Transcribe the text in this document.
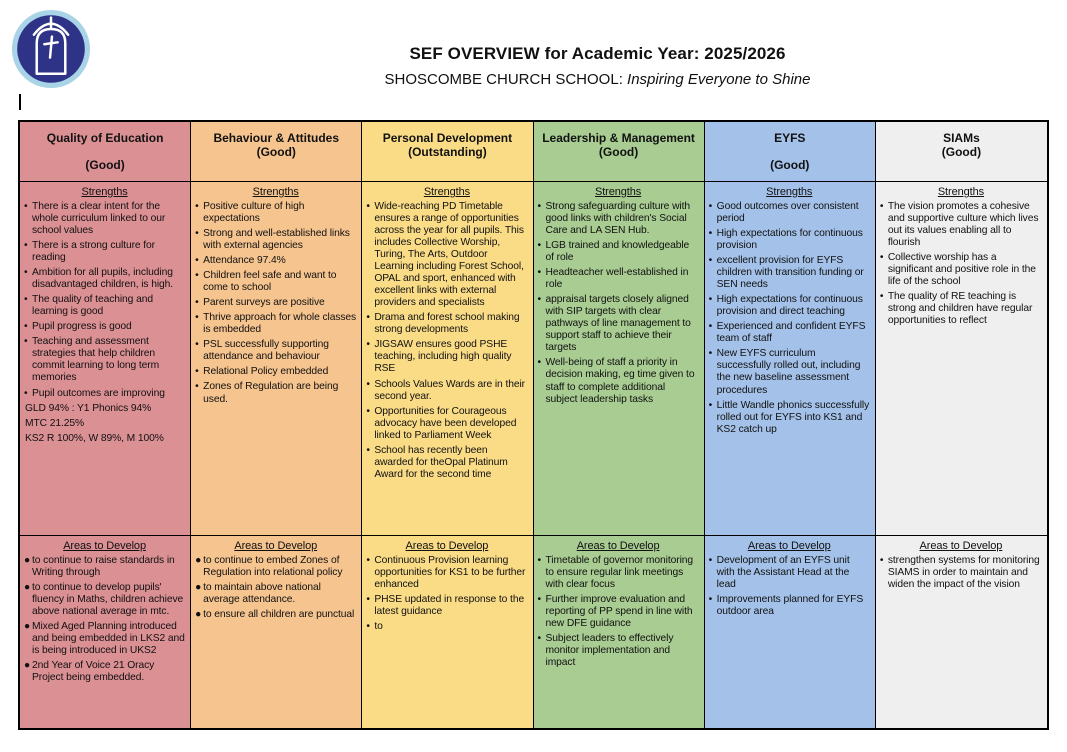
SEF OVERVIEW for Academic Year: 2025/2026
SHOSCOMBE CHURCH SCHOOL: Inspiring Everyone to Shine
Quality of Education
(Good)
Strengths
• There is a clear intent for the whole curriculum linked to our school values
• There is a strong culture for reading
• Ambition for all pupils, including disadvantaged children, is high.
• The quality of teaching and learning is good
• Pupil progress is good
• Teaching and assessment strategies that help children commit learning to long term memories
• Pupil outcomes are improving
GLD 94% : Y1 Phonics 94%
MTC 21.25%
KS2 R 100%, W 89%, M 100%
Areas to Develop
● to continue to raise standards in Writing through
● to continue to develop pupils' fluency in Maths, children achieve above national average in mtc.
● Mixed Aged Planning introduced and being embedded in LKS2 and is being introduced in UKS2
● 2nd Year of Voice 21 Oracy Project being embedded.
Behaviour & Attitudes
(Good)
Strengths
• Positive culture of high expectations
• Strong and well-established links with external agencies
• Attendance 97.4%
• Children feel safe and want to come to school
• Parent surveys are positive
• Thrive approach for whole classes is embedded
• PSL successfully supporting attendance and behaviour
• Relational Policy embedded
• Zones of Regulation are being used.
Areas to Develop
● to continue to embed Zones of Regulation into relational policy
● to maintain above national average attendance.
● to ensure all children are punctual
Personal Development
(Outstanding)
Strengths
• Wide-reaching PD Timetable ensures a range of opportunities across the year for all pupils. This includes Collective Worship, Turing, The Arts, Outdoor Learning including Forest School, OPAL and sport, enhanced with excellent links with external providers and specialists
• Drama and forest school making strong developments
• JIGSAW ensures good PSHE teaching, including high quality RSE
• Schools Values Wards are in their second year.
• Opportunities for Courageous advocacy have been developed linked to Parliament Week
• School has recently been awarded for theOpal Platinum Award for the second time
Areas to Develop
• Continuous Provision learning opportunities for KS1 to be further enhanced
• PHSE updated in response to the latest guidance
• to
Leadership & Management
(Good)
Strengths
• Strong safeguarding culture with good links with children's Social Care and LA SEN Hub.
• LGB trained and knowledgeable of role
• Headteacher well-established in role
• appraisal targets closely aligned with SIP targets with clear pathways of line management to support staff to achieve their targets
• Well-being of staff a priority in decision making, eg time given to staff to complete additional subject leadership tasks
Areas to Develop
• Timetable of governor monitoring to ensure regular link meetings with clear focus
• Further improve evaluation and reporting of PP spend in line with new DFE guidance
• Subject leaders to effectively monitor implementation and impact
EYFS
(Good)
Strengths
• Good outcomes over consistent period
• High expectations for continuous provision
• excellent provision for EYFS children with transition funding or SEN needs
• High expectations for continuous provision and direct teaching
• Experienced and confident EYFS team of staff
• New EYFS curriculum successfully rolled out, including the new baseline assessment procedures
• Little Wandle phonics successfully rolled out for EYFS into KS1 and KS2 catch up
Areas to Develop
• Development of an EYFS unit with the Assistant Head at the lead
• Improvements planned for EYFS outdoor area
SIAMs
(Good)
Strengths
• The vision promotes a cohesive and supportive culture which lives out its values enabling all to flourish
• Collective worship has a significant and positive role in the life of the school
• The quality of RE teaching is strong and children have regular opportunities to reflect
Areas to Develop
• strengthen systems for monitoring SIAMS in order to maintain and widen the impact of the vision
